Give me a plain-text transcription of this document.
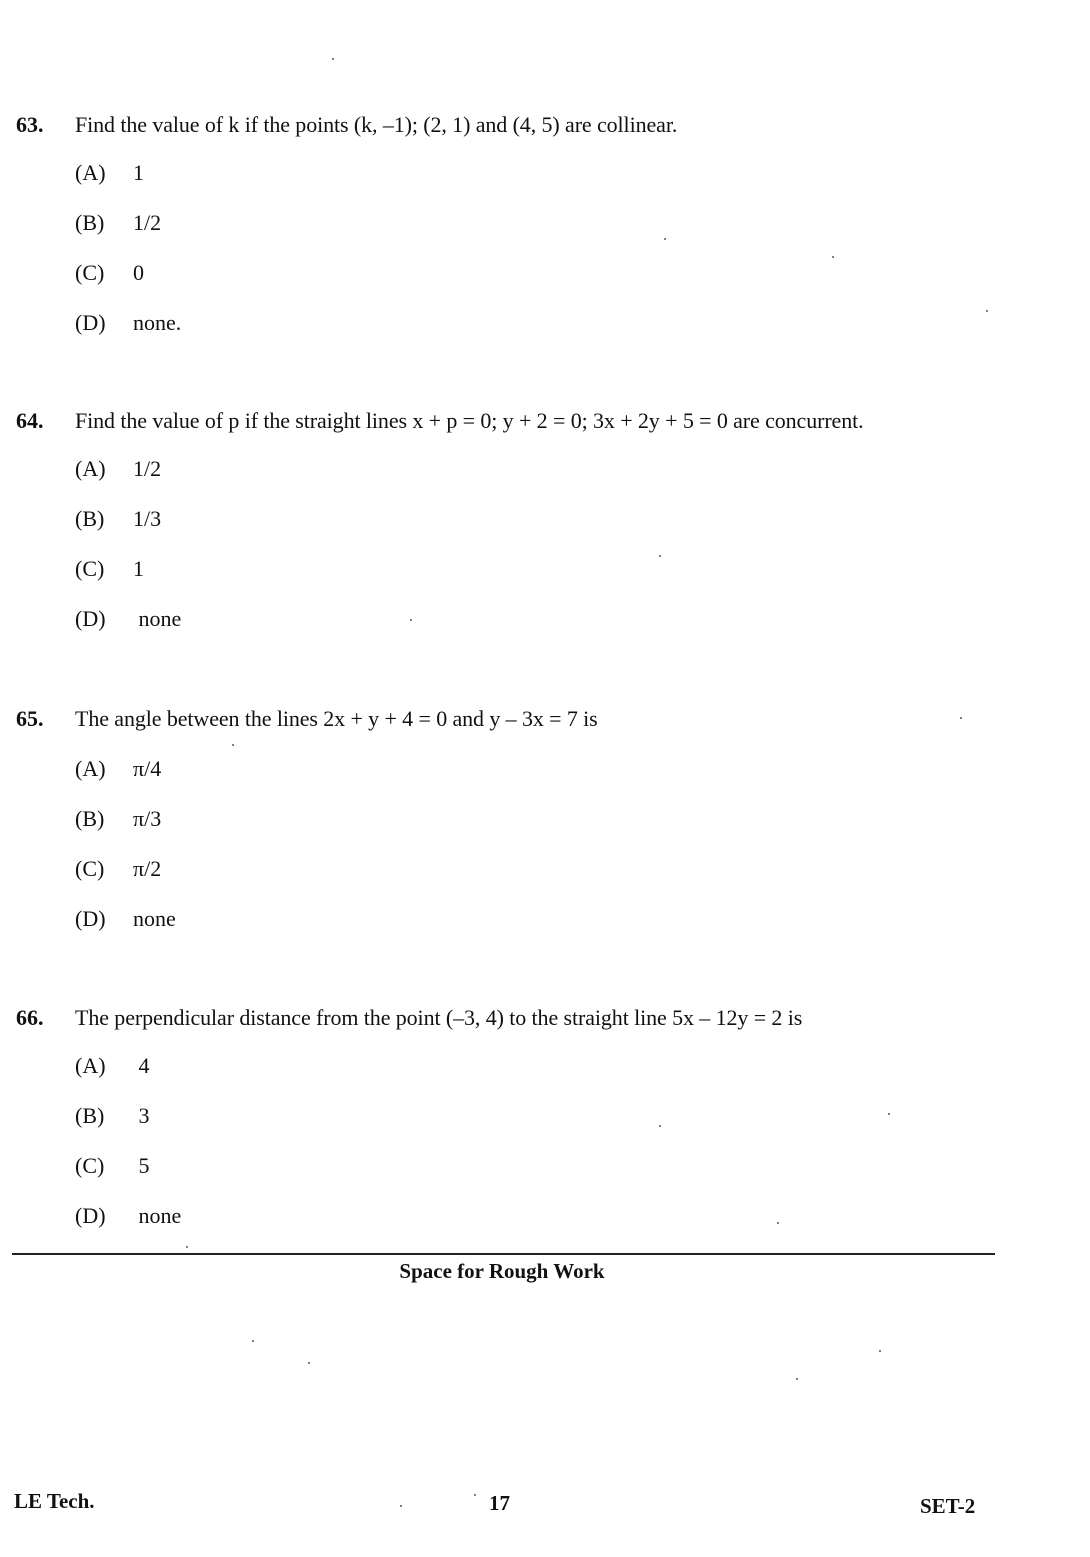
63. Find the value of k if the points (k, –1); (2, 1) and (4, 5) are collinear.
(A) 1
(B) 1/2
(C) 0
(D) none.
64. Find the value of p if the straight lines x + p = 0; y + 2 = 0; 3x + 2y + 5 = 0 are concurrent.
(A) 1/2
(B) 1/3
(C) 1
(D) none
65. The angle between the lines 2x + y + 4 = 0 and y – 3x = 7 is
(A) π/4
(B) π/3
(C) π/2
(D) none
66. The perpendicular distance from the point (–3, 4) to the straight line 5x – 12y = 2 is
(A) 4
(B) 3
(C) 5
(D) none
Space for Rough Work
LE Tech.	17	SET-2
